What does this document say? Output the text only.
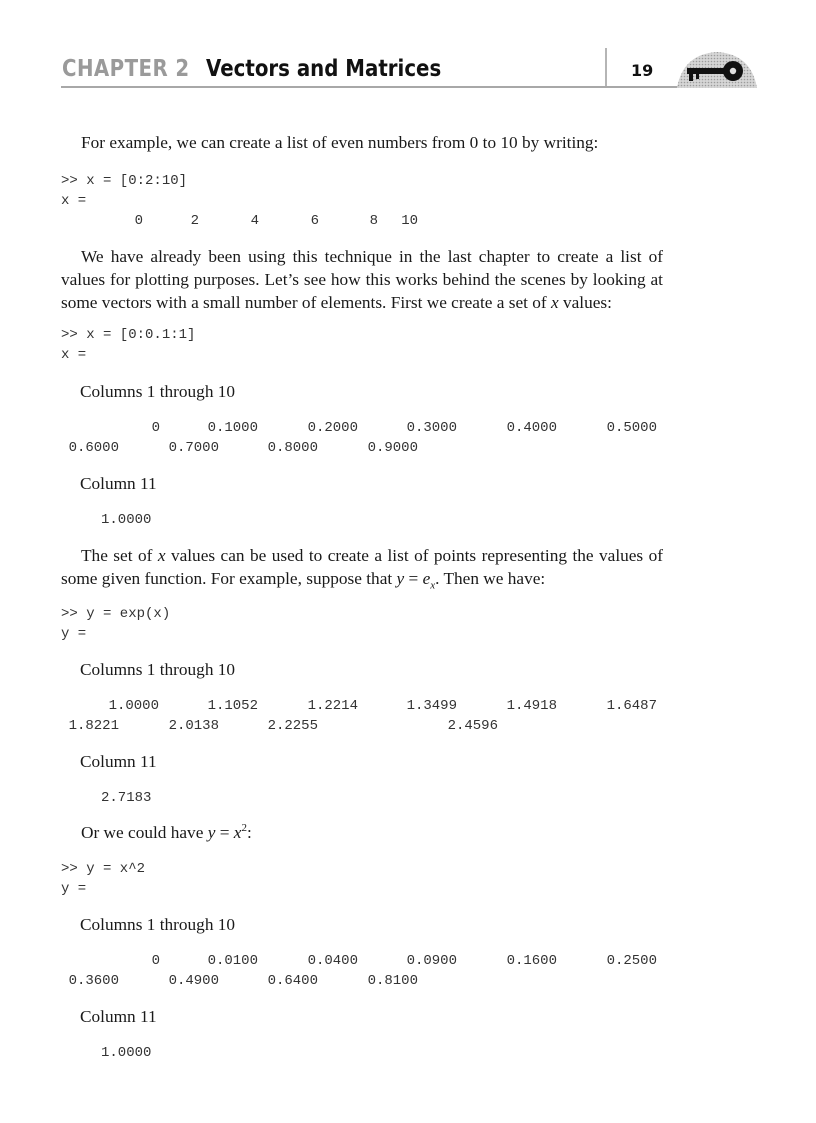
CHAPTER 2 Vectors and Matrices	19

For example, we can create a list of even numbers from 0 to 10 by writing:

>> x = [0:2:10]
x =
0	2	4	6	8 10

We have already been using this technique in the last chapter to create a list of values for plotting purposes. Let’s see how this works behind the scenes by looking at some vectors with a small number of elements. First we create a set of x values:

>> x = [0:0.1:1]
x =
Columns 1 through 10
0	0.1000	0.2000	0.3000	0.4000	0.5000
0.6000	0.7000	0.8000	0.9000
Column 11
1.0000

The set of x values can be used to create a list of points representing the values of some given function. For example, suppose that $y = e_x$. Then we have:

>> y = exp(x)
y =
Columns 1 through 10
1.0000	1.1052	1.2214	1.3499	1.4918	1.6487
1.8221	2.0138	2.2255	2.4596
Column 11
2.7183

Or we could have $y = x^2$:

>> y = x^2
y =
Columns 1 through 10
0	0.0100	0.0400	0.0900	0.1600	0.2500
0.3600	0.4900	0.6400	0.8100
Column 11
1.0000
